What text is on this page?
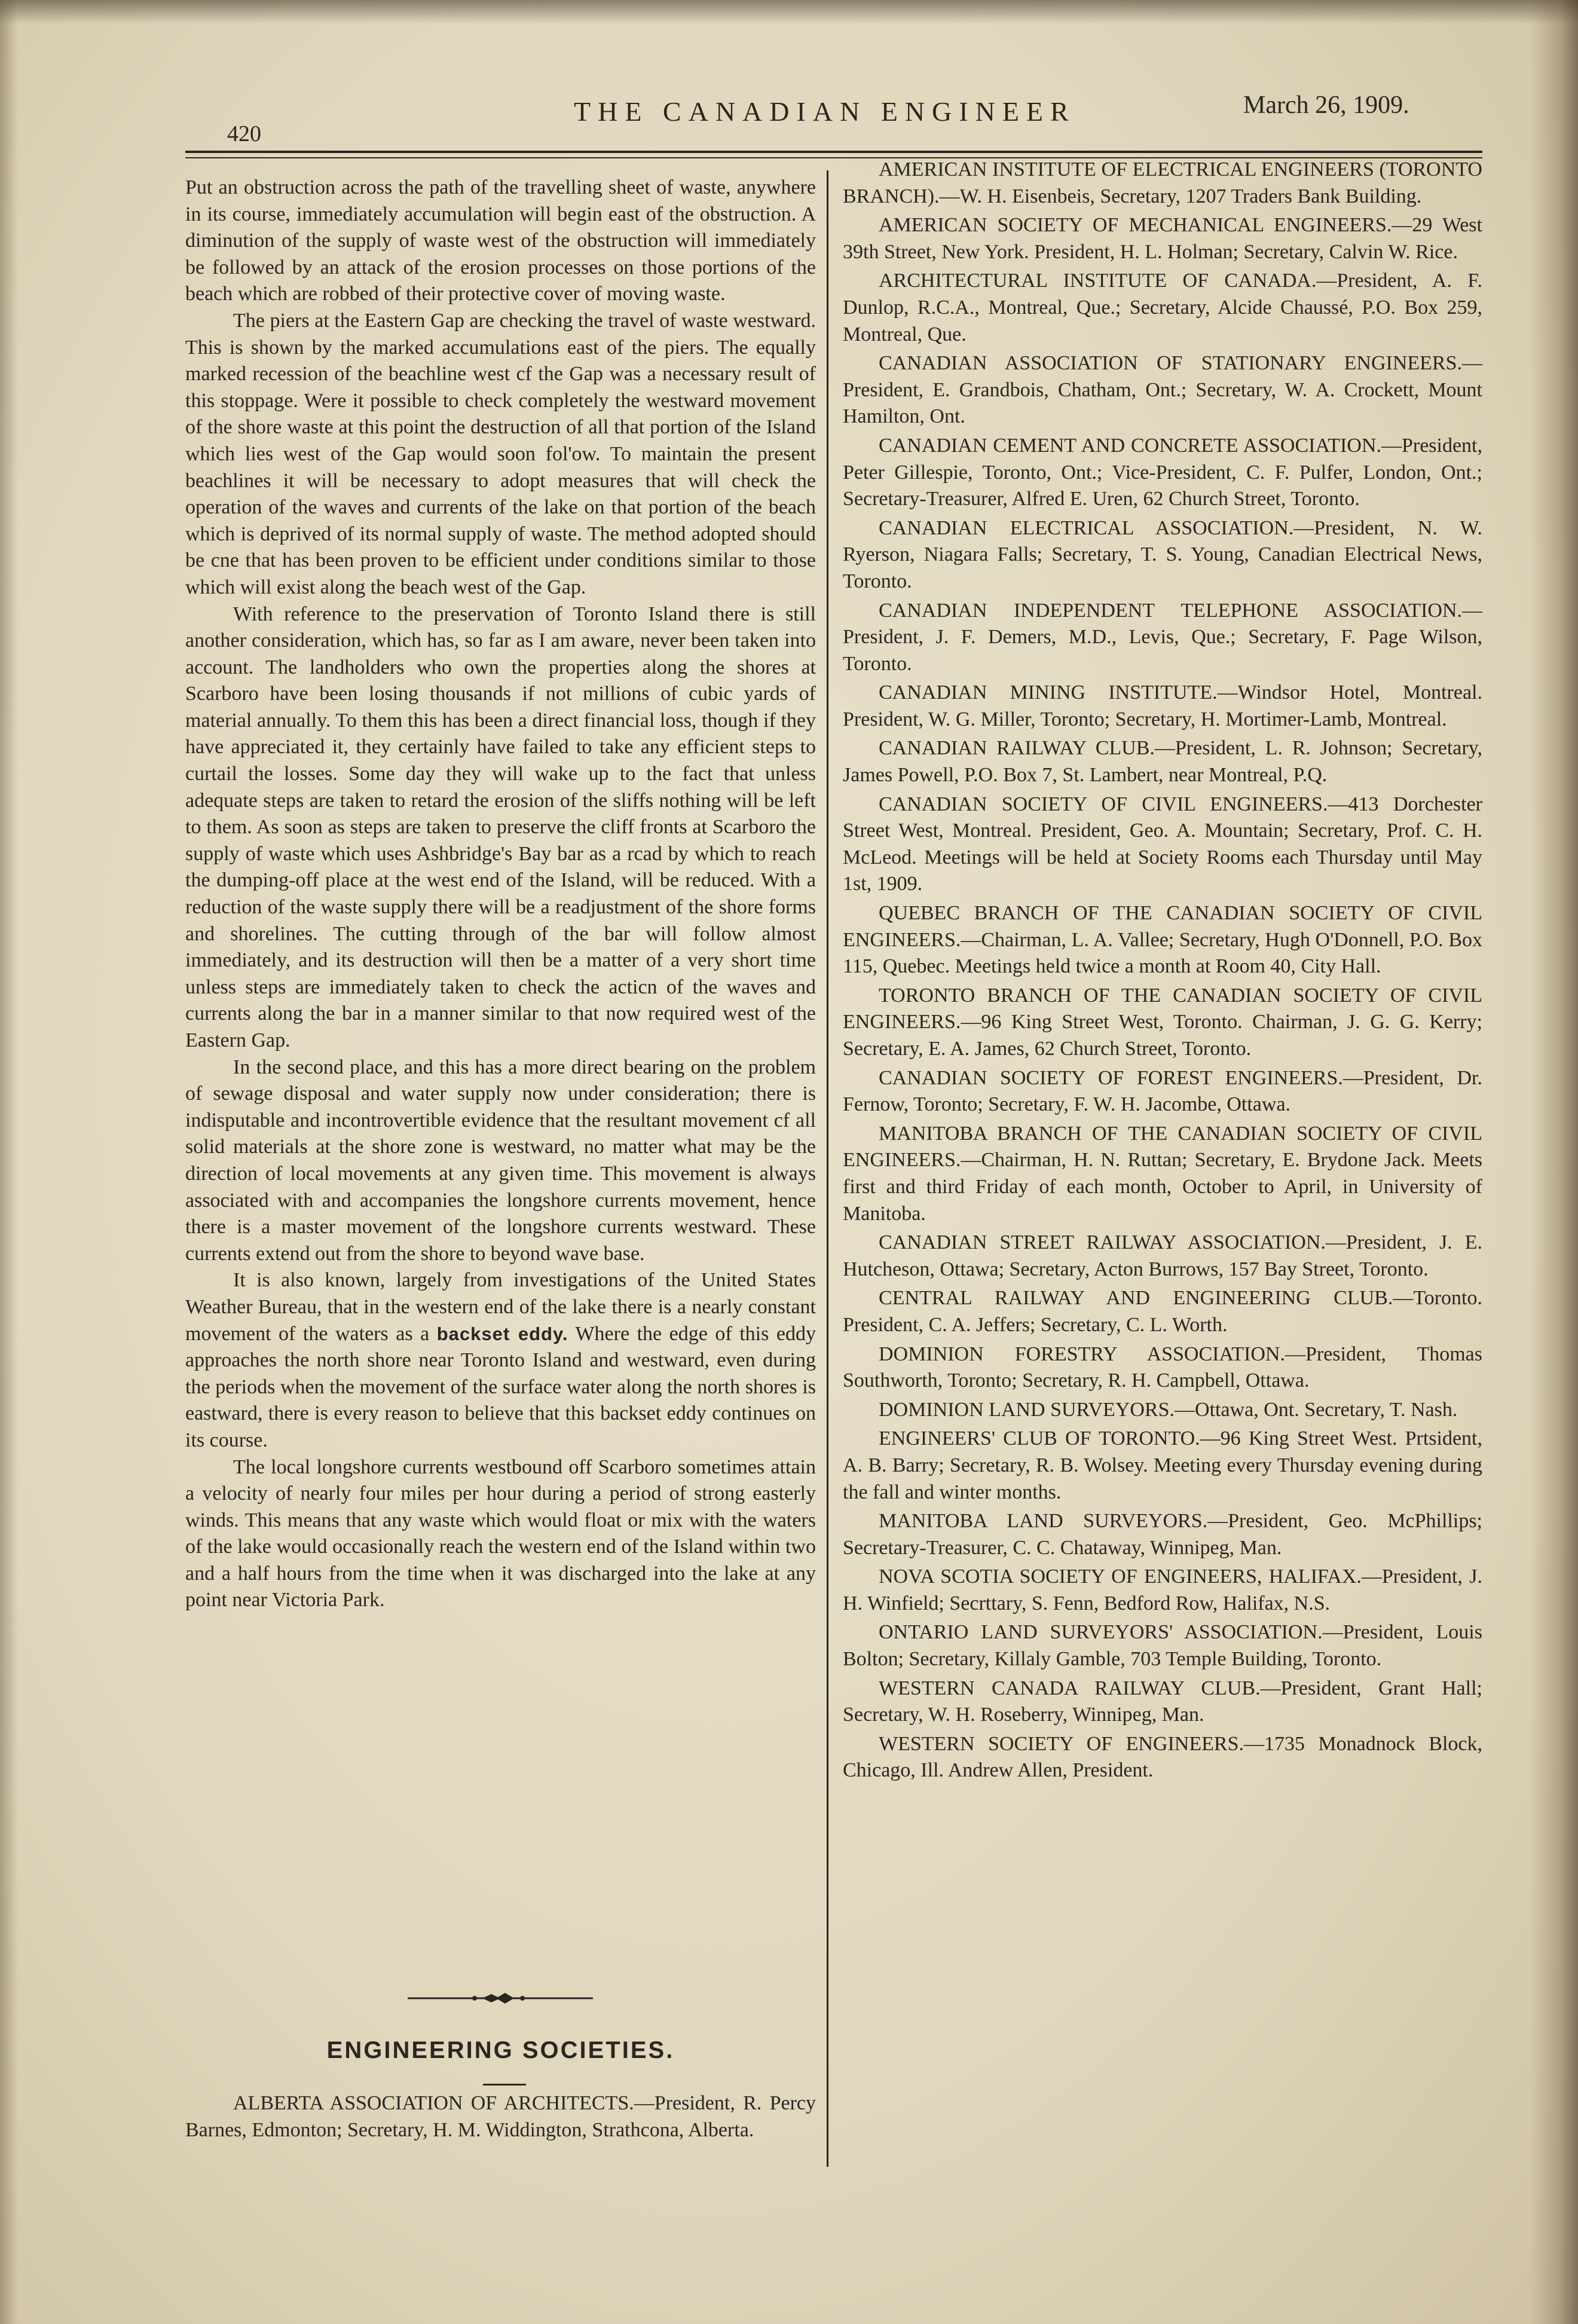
420
THE CANADIAN ENGINEER	March 26, 1909.

Put an obstruction across the path of the travelling sheet of waste, anywhere in its course, immediately accumulation will begin east of the obstruction. A diminution of the supply of waste west of the obstruction will immediately be followed by an attack of the erosion processes on those portions of the beach which are robbed of their protective cover of moving waste.

The piers at the Eastern Gap are checking the travel of waste westward. This is shown by the marked accumulations east of the piers. The equally marked recession of the beachline west cf the Gap was a necessary result of this stoppage. Were it possible to check completely the westward movement of the shore waste at this point the destruction of all that portion of the Island which lies west of the Gap would soon fol'ow. To maintain the present beachlines it will be necessary to adopt measures that will check the operation of the waves and currents of the lake on that portion of the beach which is deprived of its normal supply of waste. The method adopted should be cne that has been proven to be efficient under conditions similar to those which will exist along the beach west of the Gap.

With reference to the preservation of Toronto Island there is still another consideration, which has, so far as I am aware, never been taken into account. The landholders who own the properties along the shores at Scarboro have been losing thousands if not millions of cubic yards of material annually. To them this has been a direct financial loss, though if they have appreciated it, they certainly have failed to take any efficient steps to curtail the losses. Some day they will wake up to the fact that unless adequate steps are taken to retard the erosion of the sliffs nothing will be left to them. As soon as steps are taken to preserve the cliff fronts at Scarboro the supply of waste which uses Ashbridge's Bay bar as a rcad by which to reach the dumping-off place at the west end of the Island, will be reduced. With a reduction of the waste supply there will be a readjustment of the shore forms and shorelines. The cutting through of the bar will follow almost immediately, and its destruction will then be a matter of a very short time unless steps are immediately taken to check the acticn of the waves and currents along the bar in a manner similar to that now required west of the Eastern Gap.

In the second place, and this has a more direct bearing on the problem of sewage disposal and water supply now under consideration; there is indisputable and incontrovertible evidence that the resultant movement cf all solid materials at the shore zone is westward, no matter what may be the direction of local movements at any given time. This movement is always associated with and accompanies the longshore currents movement, hence there is a master movement of the longshore currents westward. These currents extend out from the shore to beyond wave base.

It is also known, largely from investigations of the United States Weather Bureau, that in the western end of the lake there is a nearly constant movement of the waters as a backset eddy. Where the edge of this eddy approaches the north shore near Toronto Island and westward, even during the periods when the movement of the surface water along the north shores is eastward, there is every reason to believe that this backset eddy continues on its course.

The local longshore currents westbound off Scarboro sometimes attain a velocity of nearly four miles per hour during a period of strong easterly winds. This means that any waste which would float or mix with the waters of the lake would occasionally reach the western end of the Island within two and a half hours from the time when it was discharged into the lake at any point near Victoria Park.

ENGINEERING SOCIETIES.

ALBERTA ASSOCIATION OF ARCHITECTS.—President, R. Percy Barnes, Edmonton; Secretary, H. M. Widdington, Strathcona, Alberta.

AMERICAN INSTITUTE OF ELECTRICAL ENGINEERS (TORONTO BRANCH).—W. H. Eisenbeis, Secretary, 1207 Traders Bank Building.

AMERICAN SOCIETY OF MECHANICAL ENGINEERS.—29 West 39th Street, New York. President, H. L. Holman; Secretary, Calvin W. Rice.

ARCHITECTURAL INSTITUTE OF CANADA.—President, A. F. Dunlop, R.C.A., Montreal, Que.; Secretary, Alcide Chaussé, P.O. Box 259, Montreal, Que.

CANADIAN ASSOCIATION OF STATIONARY ENGINEERS.—President, E. Grandbois, Chatham, Ont.; Secretary, W. A. Crockett, Mount Hamilton, Ont.

CANADIAN CEMENT AND CONCRETE ASSOCIATION.—President, Peter Gillespie, Toronto, Ont.; Vice-President, C. F. Pulfer, London, Ont.; Secretary-Treasurer, Alfred E. Uren, 62 Church Street, Toronto.

CANADIAN ELECTRICAL ASSOCIATION.—President, N. W. Ryerson, Niagara Falls; Secretary, T. S. Young, Canadian Electrical News, Toronto.

CANADIAN INDEPENDENT TELEPHONE ASSOCIATION.—President, J. F. Demers, M.D., Levis, Que.; Secretary, F. Page Wilson, Toronto.

CANADIAN MINING INSTITUTE.—Windsor Hotel, Montreal. President, W. G. Miller, Toronto; Secretary, H. Mortimer-Lamb, Montreal.

CANADIAN RAILWAY CLUB.—President, L. R. Johnson; Secretary, James Powell, P.O. Box 7, St. Lambert, near Montreal, P.Q.

CANADIAN SOCIETY OF CIVIL ENGINEERS.—413 Dorchester Street West, Montreal. President, Geo. A. Mountain; Secretary, Prof. C. H. McLeod. Meetings will be held at Society Rooms each Thursday until May 1st, 1909.

QUEBEC BRANCH OF THE CANADIAN SOCIETY OF CIVIL ENGINEERS.—Chairman, L. A. Vallee; Secretary, Hugh O'Donnell, P.O. Box 115, Quebec. Meetings held twice a month at Room 40, City Hall.

TORONTO BRANCH OF THE CANADIAN SOCIETY OF CIVIL ENGINEERS.—96 King Street West, Toronto. Chairman, J. G. G. Kerry; Secretary, E. A. James, 62 Church Street, Toronto.

CANADIAN SOCIETY OF FOREST ENGINEERS.—President, Dr. Fernow, Toronto; Secretary, F. W. H. Jacombe, Ottawa.

MANITOBA BRANCH OF THE CANADIAN SOCIETY OF CIVIL ENGINEERS.—Chairman, H. N. Ruttan; Secretary, E. Brydone Jack. Meets first and third Friday of each month, October to April, in University of Manitoba.

CANADIAN STREET RAILWAY ASSOCIATION.—President, J. E. Hutcheson, Ottawa; Secretary, Acton Burrows, 157 Bay Street, Toronto.

CENTRAL RAILWAY AND ENGINEERING CLUB.—Toronto. President, C. A. Jeffers; Secretary, C. L. Worth.

DOMINION FORESTRY ASSOCIATION.—President, Thomas Southworth, Toronto; Secretary, R. H. Campbell, Ottawa.

DOMINION LAND SURVEYORS.—Ottawa, Ont. Secretary, T. Nash.

ENGINEERS' CLUB OF TORONTO.—96 King Street West. Prtsident, A. B. Barry; Secretary, R. B. Wolsey. Meeting every Thursday evening during the fall and winter months.

MANITOBA LAND SURVEYORS.—President, Geo. McPhillips; Secretary-Treasurer, C. C. Chataway, Winnipeg, Man.

NOVA SCOTIA SOCIETY OF ENGINEERS, HALIFAX.—President, J. H. Winfield; Secrttary, S. Fenn, Bedford Row, Halifax, N.S.

ONTARIO LAND SURVEYORS' ASSOCIATION.—President, Louis Bolton; Secretary, Killaly Gamble, 703 Temple Building, Toronto.

WESTERN CANADA RAILWAY CLUB.—President, Grant Hall; Secretary, W. H. Roseberry, Winnipeg, Man.

WESTERN SOCIETY OF ENGINEERS.—1735 Monadnock Block, Chicago, Ill. Andrew Allen, President.
